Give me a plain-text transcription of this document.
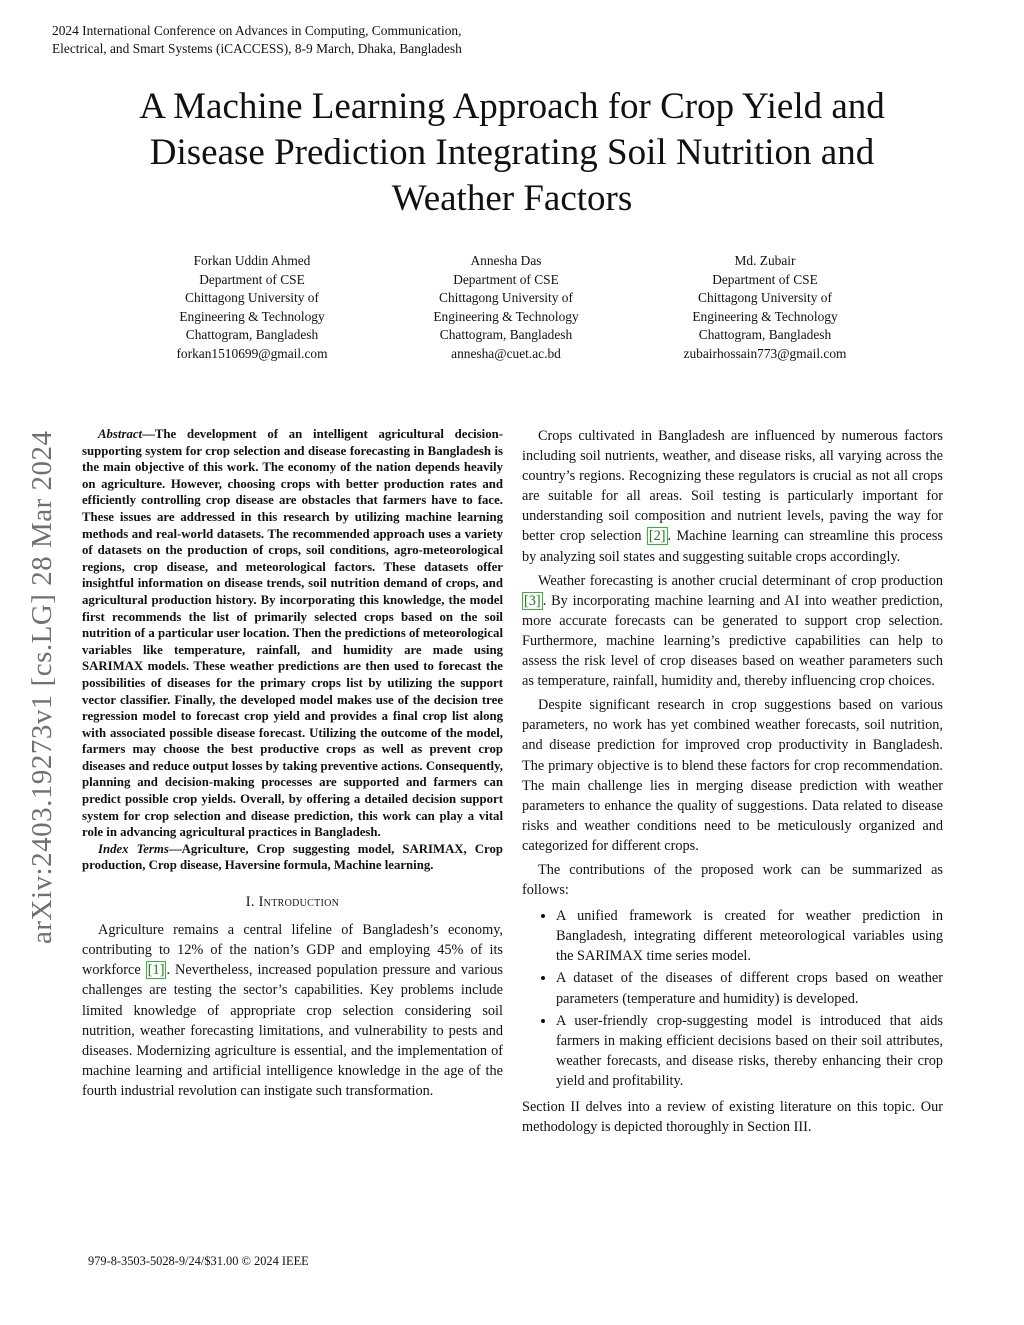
2024 International Conference on Advances in Computing, Communication,
Electrical, and Smart Systems (iCACCESS), 8-9 March, Dhaka, Bangladesh
arXiv:2403.19273v1 [cs.LG] 28 Mar 2024
A Machine Learning Approach for Crop Yield and
Disease Prediction Integrating Soil Nutrition and
Weather Factors
Forkan Uddin Ahmed
Department of CSE
Chittagong University of
Engineering & Technology
Chattogram, Bangladesh
forkan1510699@gmail.com
Annesha Das
Department of CSE
Chittagong University of
Engineering & Technology
Chattogram, Bangladesh
annesha@cuet.ac.bd
Md. Zubair
Department of CSE
Chittagong University of
Engineering & Technology
Chattogram, Bangladesh
zubairhossain773@gmail.com

Abstract—The development of an intelligent agricultural decision-supporting system for crop selection and disease forecasting in Bangladesh is the main objective of this work. The economy of the nation depends heavily on agriculture. However, choosing crops with better production rates and efficiently controlling crop disease are obstacles that farmers have to face. These issues are addressed in this research by utilizing machine learning methods and real-world datasets. The recommended approach uses a variety of datasets on the production of crops, soil conditions, agro-meteorological regions, crop disease, and meteorological factors. These datasets offer insightful information on disease trends, soil nutrition demand of crops, and agricultural production history. By incorporating this knowledge, the model first recommends the list of primarily selected crops based on the soil nutrition of a particular user location. Then the predictions of meteorological variables like temperature, rainfall, and humidity are made using SARIMAX models. These weather predictions are then used to forecast the possibilities of diseases for the primary crops list by utilizing the support vector classifier. Finally, the developed model makes use of the decision tree regression model to forecast crop yield and provides a final crop list along with associated possible disease forecast. Utilizing the outcome of the model, farmers may choose the best productive crops as well as prevent crop diseases and reduce output losses by taking preventive actions. Consequently, planning and decision-making processes are supported and farmers can predict possible crop yields. Overall, by offering a detailed decision support system for crop selection and disease prediction, this work can play a vital role in advancing agricultural practices in Bangladesh.

Index Terms—Agriculture, Crop suggesting model, SARIMAX, Crop production, Crop disease, Haversine formula, Machine learning.

I. Introduction

Agriculture remains a central lifeline of Bangladesh’s economy, contributing to 12% of the nation’s GDP and employing 45% of its workforce [1] . Nevertheless, increased population pressure and various challenges are testing the sector’s capabilities. Key problems include limited knowledge of appropriate crop selection considering soil nutrition, weather forecasting limitations, and vulnerability to pests and diseases. Modernizing agriculture is essential, and the implementation of machine learning and artificial intelligence knowledge in the age of the fourth industrial revolution can instigate such transformation.

Crops cultivated in Bangladesh are influenced by numerous factors including soil nutrients, weather, and disease risks, all varying across the country’s regions. Recognizing these regulators is crucial as not all crops are suitable for all areas. Soil testing is particularly important for understanding soil composition and nutrient levels, paving the way for better crop selection [2] . Machine learning can streamline this process by analyzing soil states and suggesting suitable crops accordingly.

Weather forecasting is another crucial determinant of crop production [3] . By incorporating machine learning and AI into weather prediction, more accurate forecasts can be generated to support crop selection. Furthermore, machine learning’s predictive capabilities can help to assess the risk level of crop diseases based on weather parameters such as temperature, rainfall, humidity and, thereby influencing crop choices.

Despite significant research in crop suggestions based on various parameters, no work has yet combined weather forecasts, soil nutrition, and disease prediction for improved crop productivity in Bangladesh. The primary objective is to blend these factors for crop recommendation. The main challenge lies in merging disease prediction with weather parameters to enhance the quality of suggestions. Data related to disease risks and weather conditions need to be meticulously organized and categorized for different crops.

The contributions of the proposed work can be summarized as follows:

• A unified framework is created for weather prediction in Bangladesh, integrating different meteorological variables using the SARIMAX time series model.
• A dataset of the diseases of different crops based on weather parameters (temperature and humidity) is developed.
• A user-friendly crop-suggesting model is introduced that aids farmers in making efficient decisions based on their soil attributes, weather forecasts, and disease risks, thereby enhancing their crop yield and profitability.

Section II delves into a review of existing literature on this topic. Our methodology is depicted thoroughly in Section III.

979-8-3503-5028-9/24/$31.00 © 2024 IEEE
